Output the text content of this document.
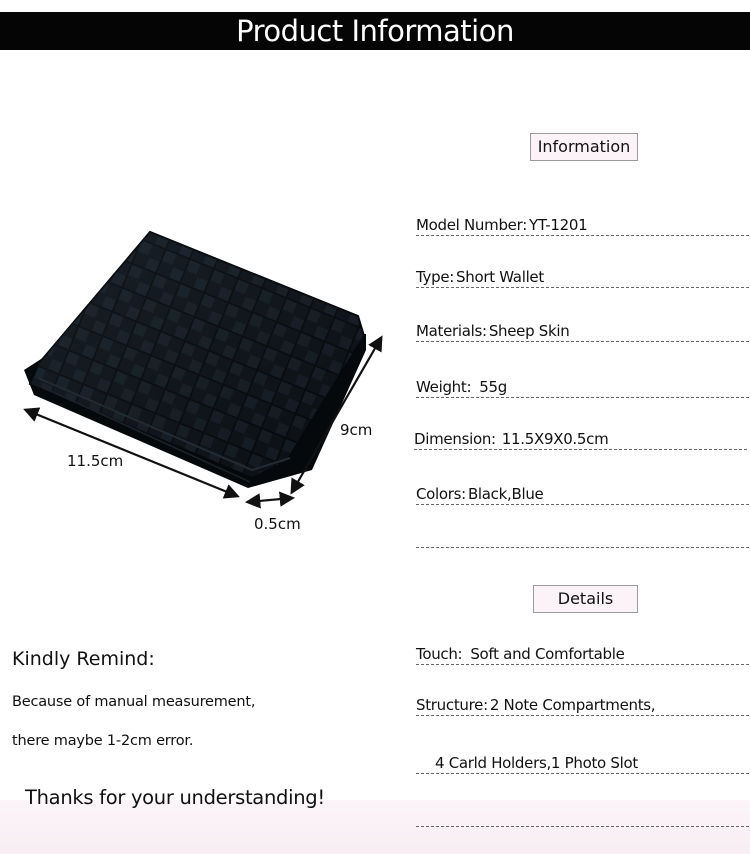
Product Information
11.5cm
9cm
0.5cm
Information
Model Number: YT-1201
Type: Short Wallet
Materials: Sheep Skin
Weight: 55g
Dimension: 11.5X9X0.5cm
Colors: Black,Blue
Details
Touch: Soft and Comfortable
Structure: 2 Note Compartments,
4 Carld Holders,1 Photo Slot
Kindly Remind:
Because of manual measurement,
there maybe 1-2cm error.
Thanks for your understanding!
